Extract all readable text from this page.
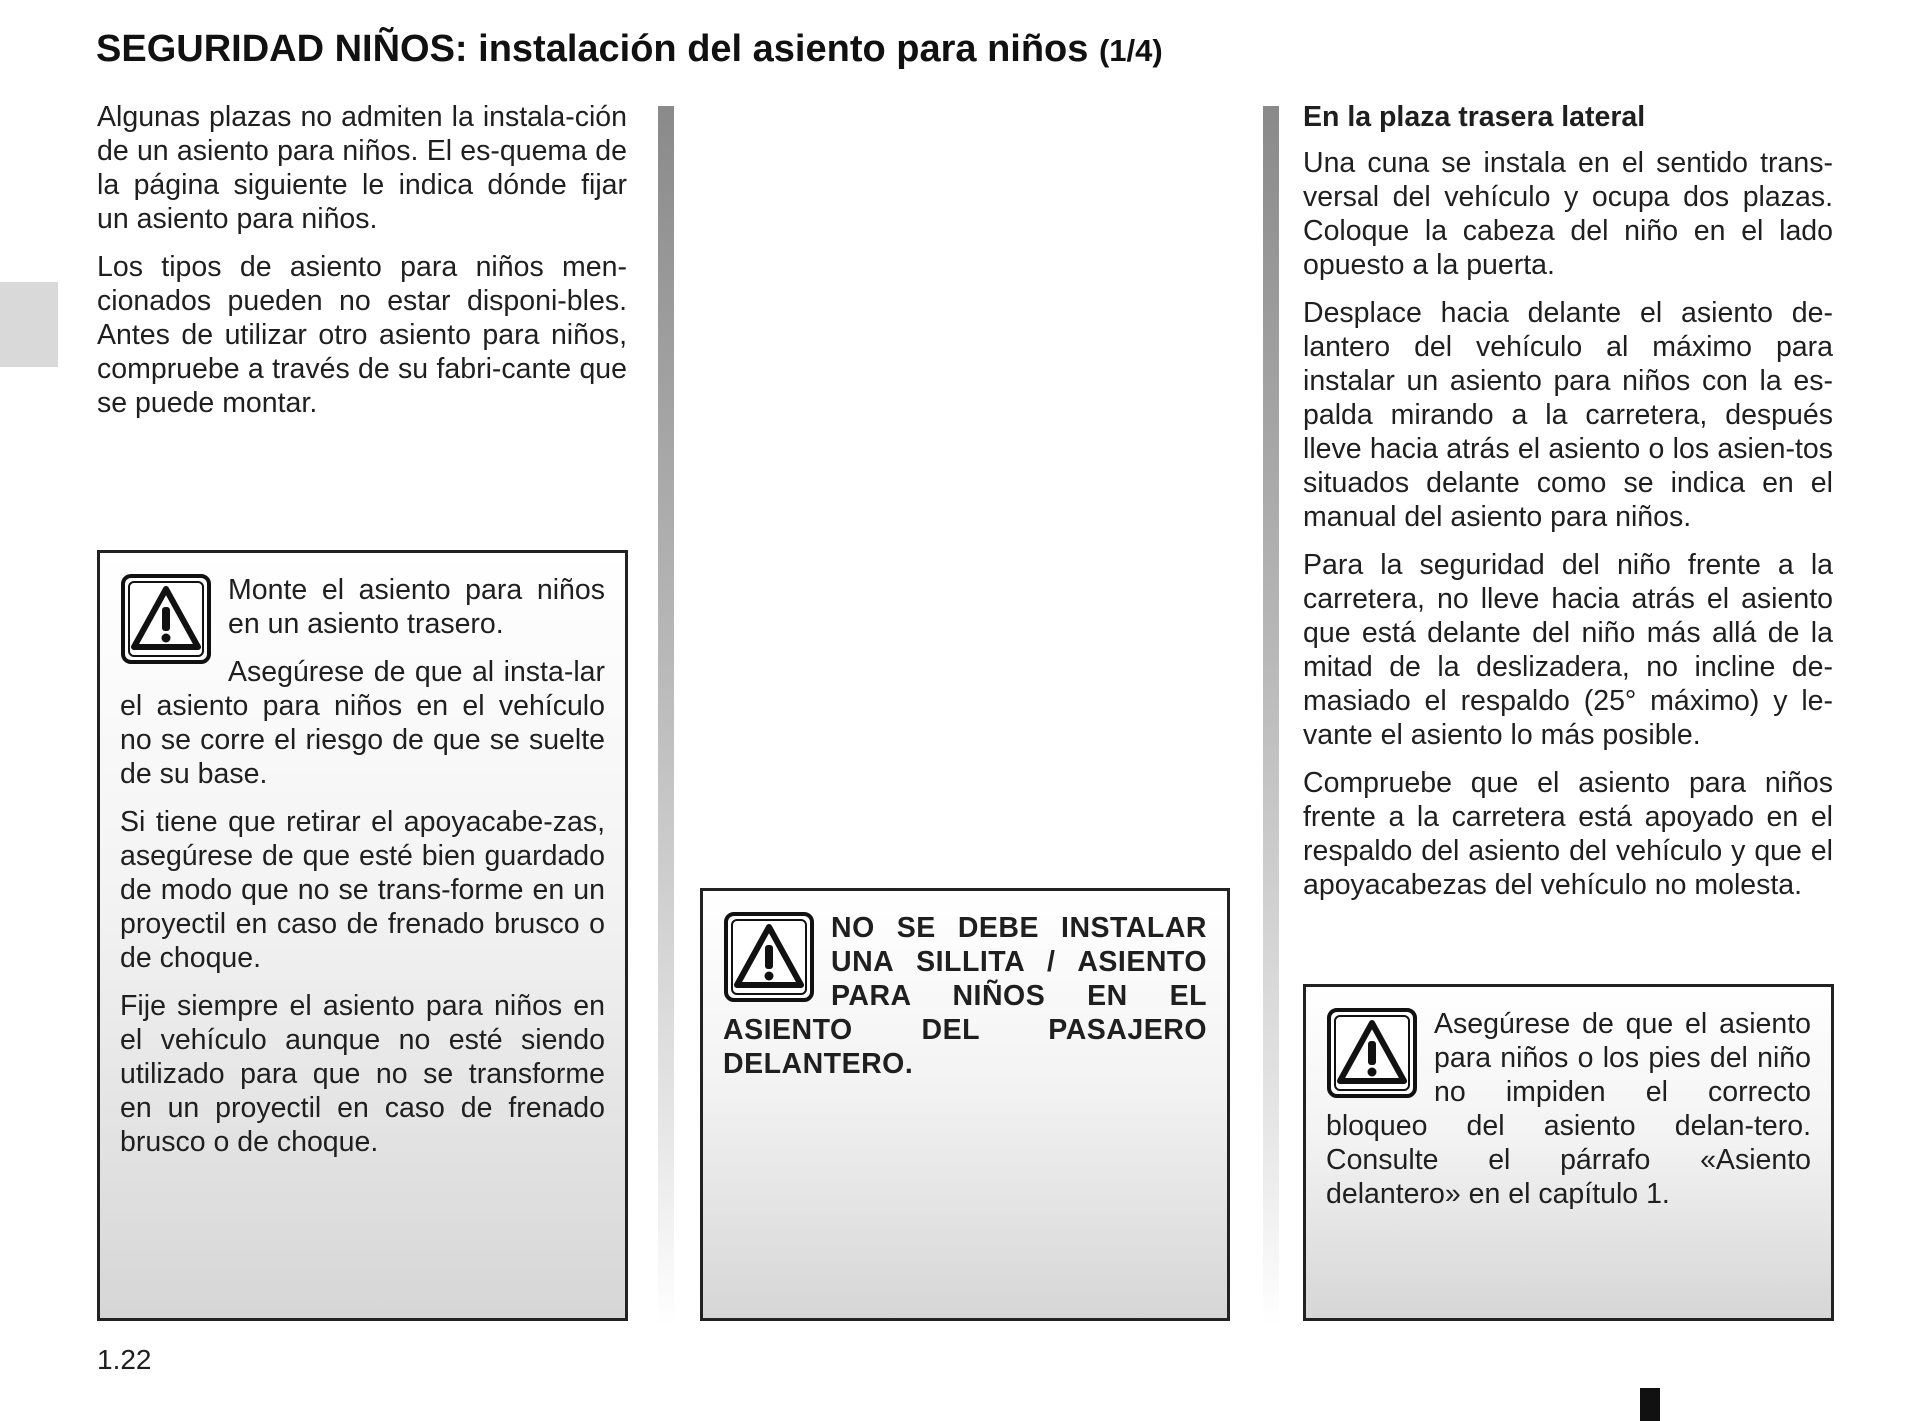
SEGURIDAD NIÑOS: instalación del asiento para niños (1/4)

Algunas plazas no admiten la instala-ción de un asiento para niños. El es-quema de la página siguiente le indica dónde fijar un asiento para niños.

Los tipos de asiento para niños men-cionados pueden no estar disponi-bles. Antes de utilizar otro asiento para niños, compruebe a través de su fabri-cante que se puede montar.

Monte el asiento para niños en un asiento trasero.

Asegúrese de que al insta-lar el asiento para niños en el vehículo no se corre el riesgo de que se suelte de su base.

Si tiene que retirar el apoyacabe-zas, asegúrese de que esté bien guardado de modo que no se trans-forme en un proyectil en caso de frenado brusco o de choque.

Fije siempre el asiento para niños en el vehículo aunque no esté siendo utilizado para que no se transforme en un proyectil en caso de frenado brusco o de choque.

NO SE DEBE INSTALAR UNA SILLITA / ASIENTO PARA NIÑOS EN EL ASIENTO DEL PASAJERO DELANTERO.

En la plaza trasera lateral

Una cuna se instala en el sentido trans-versal del vehículo y ocupa dos plazas. Coloque la cabeza del niño en el lado opuesto a la puerta.

Desplace hacia delante el asiento de-lantero del vehículo al máximo para instalar un asiento para niños con la es-palda mirando a la carretera, después lleve hacia atrás el asiento o los asien-tos situados delante como se indica en el manual del asiento para niños.

Para la seguridad del niño frente a la carretera, no lleve hacia atrás el asiento que está delante del niño más allá de la mitad de la deslizadera, no incline de-masiado el respaldo (25° máximo) y le-vante el asiento lo más posible.

Compruebe que el asiento para niños frente a la carretera está apoyado en el respaldo del asiento del vehículo y que el apoyacabezas del vehículo no molesta.

Asegúrese de que el asiento para niños o los pies del niño no impiden el correcto bloqueo del asiento delan-tero. Consulte el párrafo «Asiento delantero» en el capítulo 1.

1.22
